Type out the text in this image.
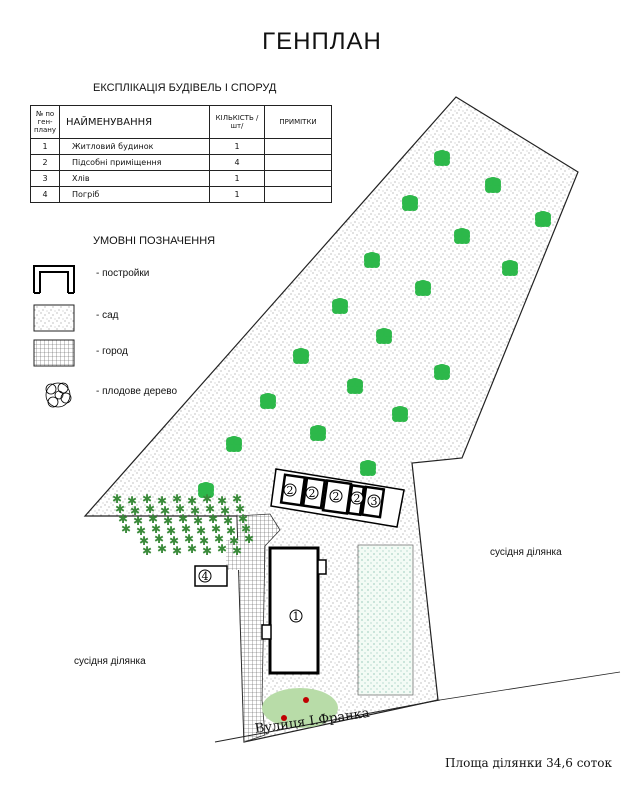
ГЕНПЛАН
ЕКСПЛІКАЦІЯ БУДІВЕЛЬ І СПОРУД
№ по ген- плану	НАЙМЕНУВАННЯ	КІЛЬКІСТЬ /шт/	ПРИМІТКИ
1	Житловий будинок	1	
2	Підсобні приміщення	4	
3	Хлів	1	
4	Погріб	1	
УМОВНІ ПОЗНАЧЕННЯ
✱ ✱ ✱ ✱ ✱ ✱ ✱ ✱ ✱
✱ ✱ ✱ ✱ ✱ ✱ ✱ ✱ ✱
✱ ✱ ✱ ✱ ✱ ✱ ✱ ✱ ✱
✱ ✱ ✱ ✱ ✱ ✱ ✱ ✱ ✱
✱ ✱ ✱ ✱ ✱ ✱ ✱ ✱
✱ ✱ ✱ ✱ ✱ ✱ ✱
1
2 2 2 2 3
4
- постройки
- сад
- город
- плодове дерево
сусідня ділянка
сусідня ділянка
Вулиця І.Франка
Площа ділянки 34,6 соток
